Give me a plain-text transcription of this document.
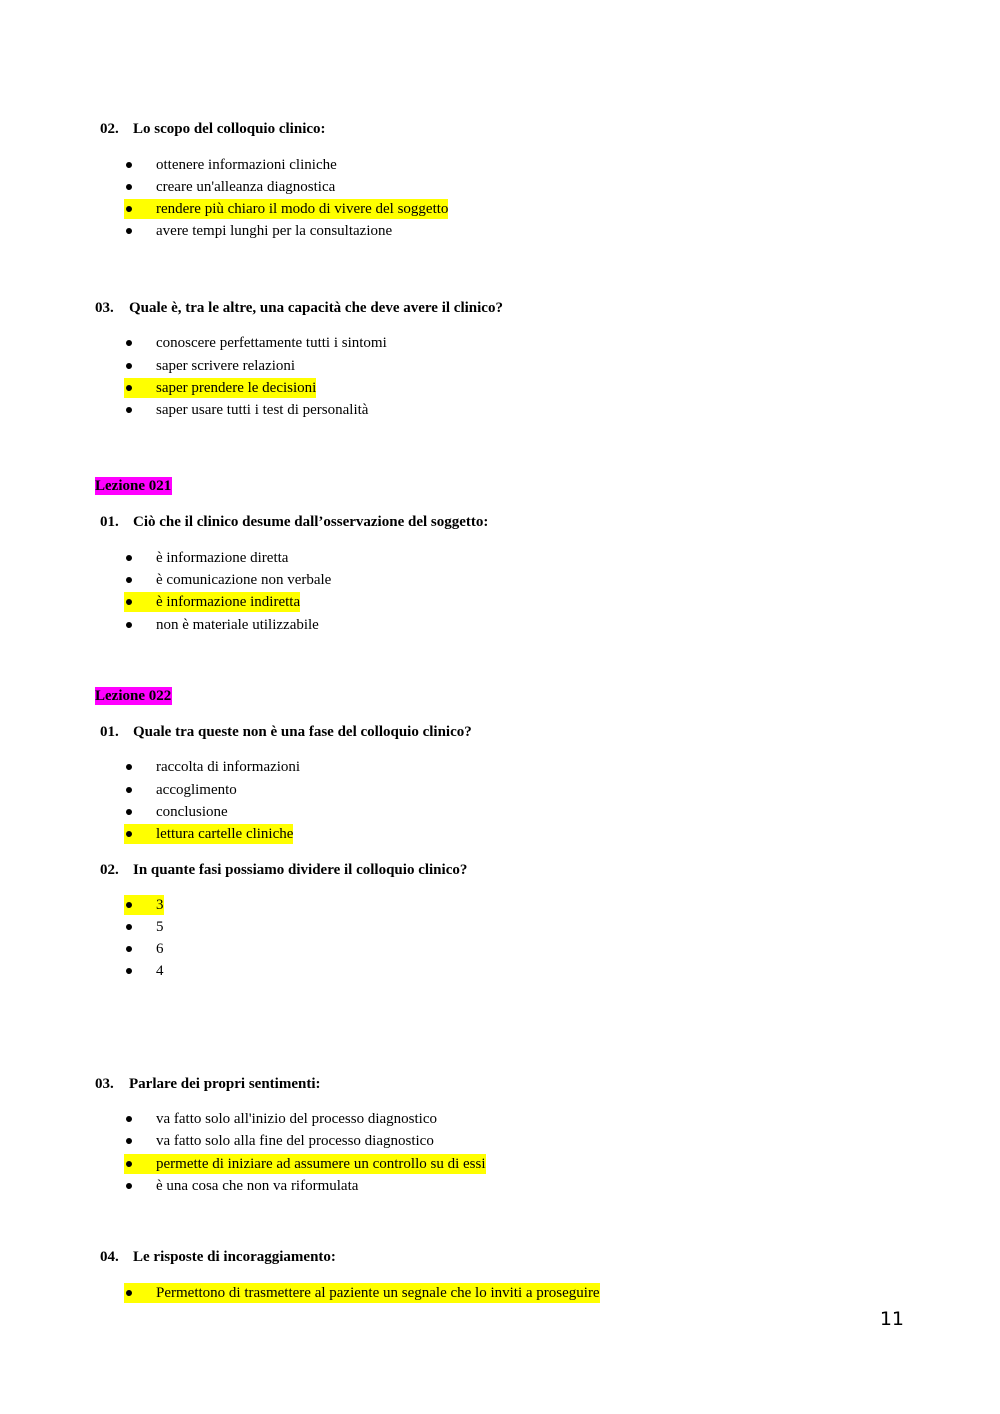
02. Lo scopo del colloquio clinico:
ottenere informazioni cliniche
creare un'alleanza diagnostica
rendere più chiaro il modo di vivere del soggetto
avere tempi lunghi per la consultazione
03. Quale è, tra le altre, una capacità che deve avere il clinico?
conoscere perfettamente tutti i sintomi
saper scrivere relazioni
saper prendere le decisioni
saper usare tutti i test di personalità
Lezione 021
01. Ciò che il clinico desume dall’osservazione del soggetto:
è informazione diretta
è comunicazione non verbale
è informazione indiretta
non è materiale utilizzabile
Lezione 022
01. Quale tra queste non è una fase del colloquio clinico?
raccolta di informazioni
accoglimento
conclusione
lettura cartelle cliniche
02. In quante fasi possiamo dividere il colloquio clinico?
3
5
6
4
03. Parlare dei propri sentimenti:
va fatto solo all'inizio del processo diagnostico
va fatto solo alla fine del processo diagnostico
permette di iniziare ad assumere un controllo su di essi
è una cosa che non va riformulata
04. Le risposte di incoraggiamento:
Permettono di trasmettere al paziente un segnale che lo inviti a proseguire
11
